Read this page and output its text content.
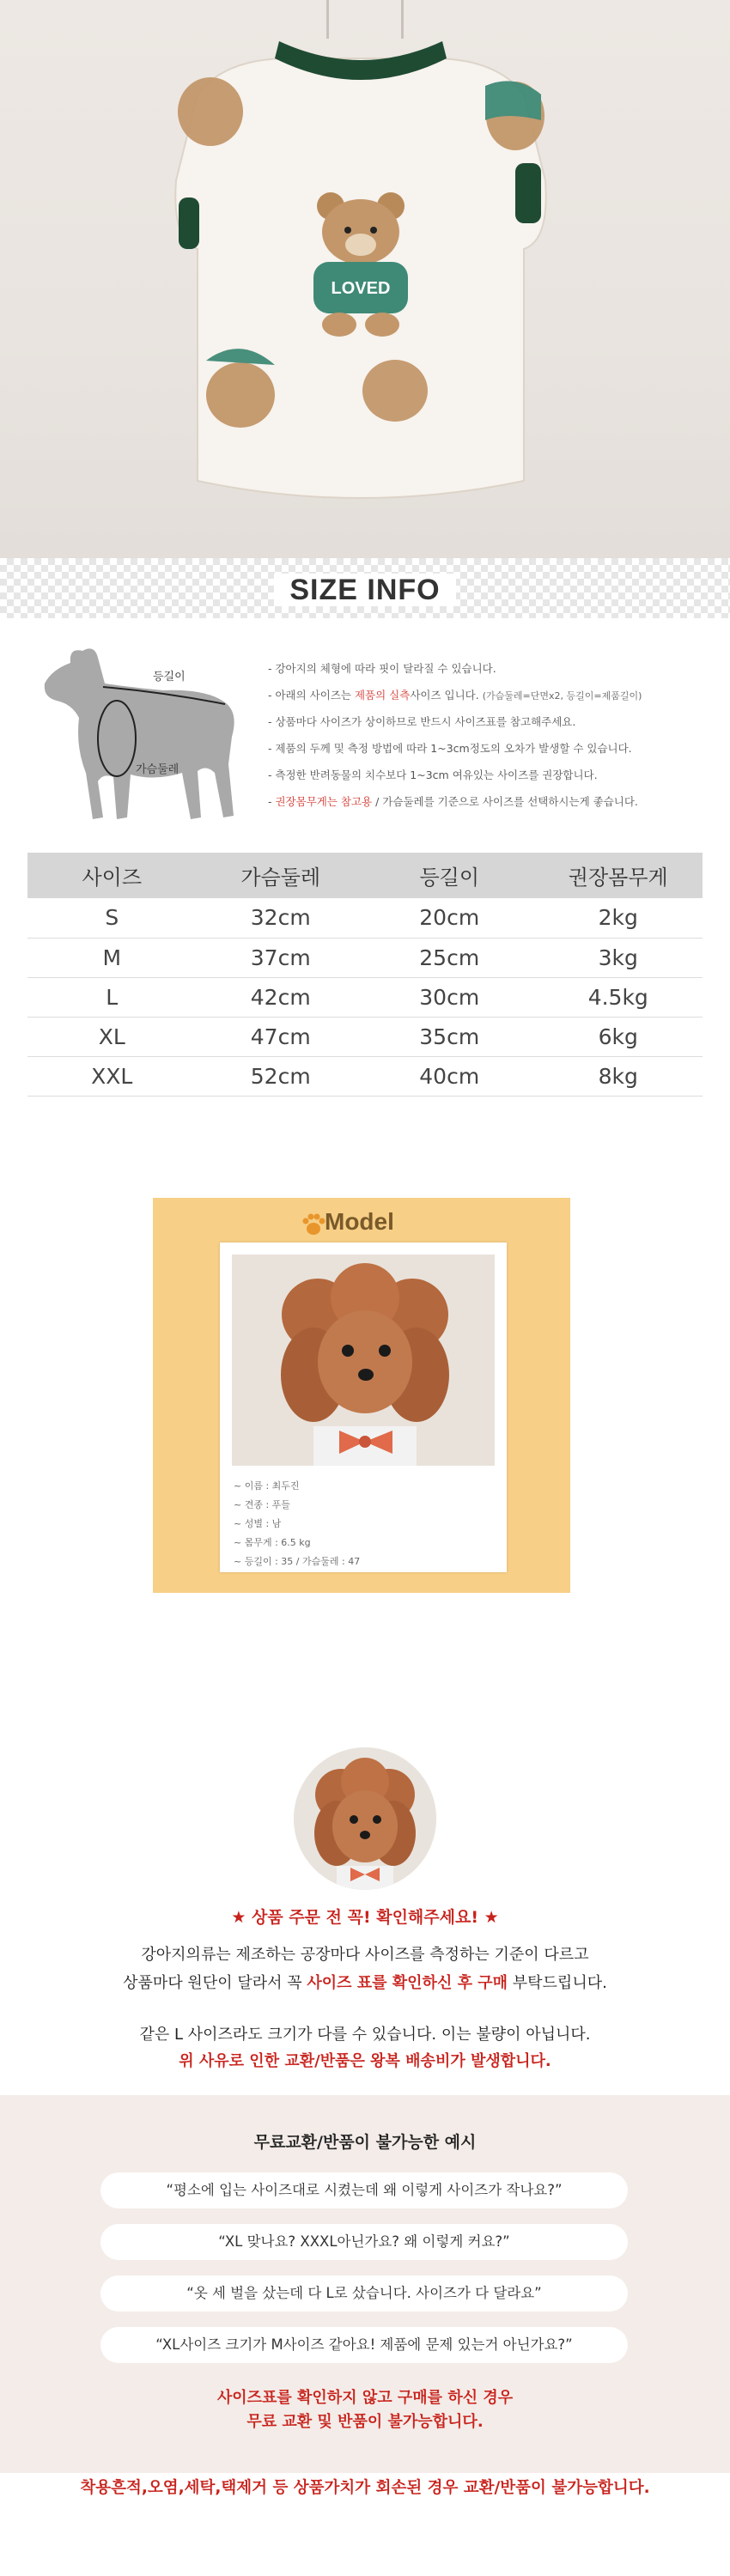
LOVED
SIZE INFO
등길이
가슴둘레
- 강아지의 체형에 따라 핏이 달라질 수 있습니다.
- 아래의 사이즈는 제품의 실측사이즈 입니다. (가슴둘레=단면x2, 등길이=제품길이)
- 상품마다 사이즈가 상이하므로 반드시 사이즈표를 참고해주세요.
- 제품의 두께 및 측정 방법에 따라 1~3cm정도의 오차가 발생할 수 있습니다.
- 측정한 반려동물의 치수보다 1~3cm 여유있는 사이즈를 권장합니다.
- 권장몸무게는 참고용 / 가슴둘레를 기준으로 사이즈를 선택하시는게 좋습니다.
사이즈	가슴둘레	등길이	권장몸무게
S	32cm	20cm	2kg
M	37cm	25cm	3kg
L	42cm	30cm	4.5kg
XL	47cm	35cm	6kg
XXL	52cm	40cm	8kg
Model
~ 이름 : 최두진
~ 견종 : 푸들
~ 성별 : 남
~ 몸무게 : 6.5 kg
~ 등길이 : 35 / 가슴둘레 : 47
★ 상품 주문 전 꼭! 확인해주세요! ★
강아지의류는 제조하는 공장마다 사이즈를 측정하는 기준이 다르고
상품마다 원단이 달라서 꼭 사이즈 표를 확인하신 후 구매 부탁드립니다.
같은 L 사이즈라도 크기가 다를 수 있습니다. 이는 불량이 아닙니다.
위 사유로 인한 교환/반품은 왕복 배송비가 발생합니다.
무료교환/반품이 불가능한 예시
“평소에 입는 사이즈대로 시켰는데 왜 이렇게 사이즈가 작나요?”
“XL 맞나요? XXXL아닌가요? 왜 이렇게 커요?”
“옷 세 벌을 샀는데 다 L로 샀습니다. 사이즈가 다 달라요”
“XL사이즈 크기가 M사이즈 같아요! 제품에 문제 있는거 아닌가요?”
사이즈표를 확인하지 않고 구매를 하신 경우
무료 교환 및 반품이 불가능합니다.
착용흔적,오염,세탁,택제거 등 상품가치가 회손된 경우 교환/반품이 불가능합니다.
